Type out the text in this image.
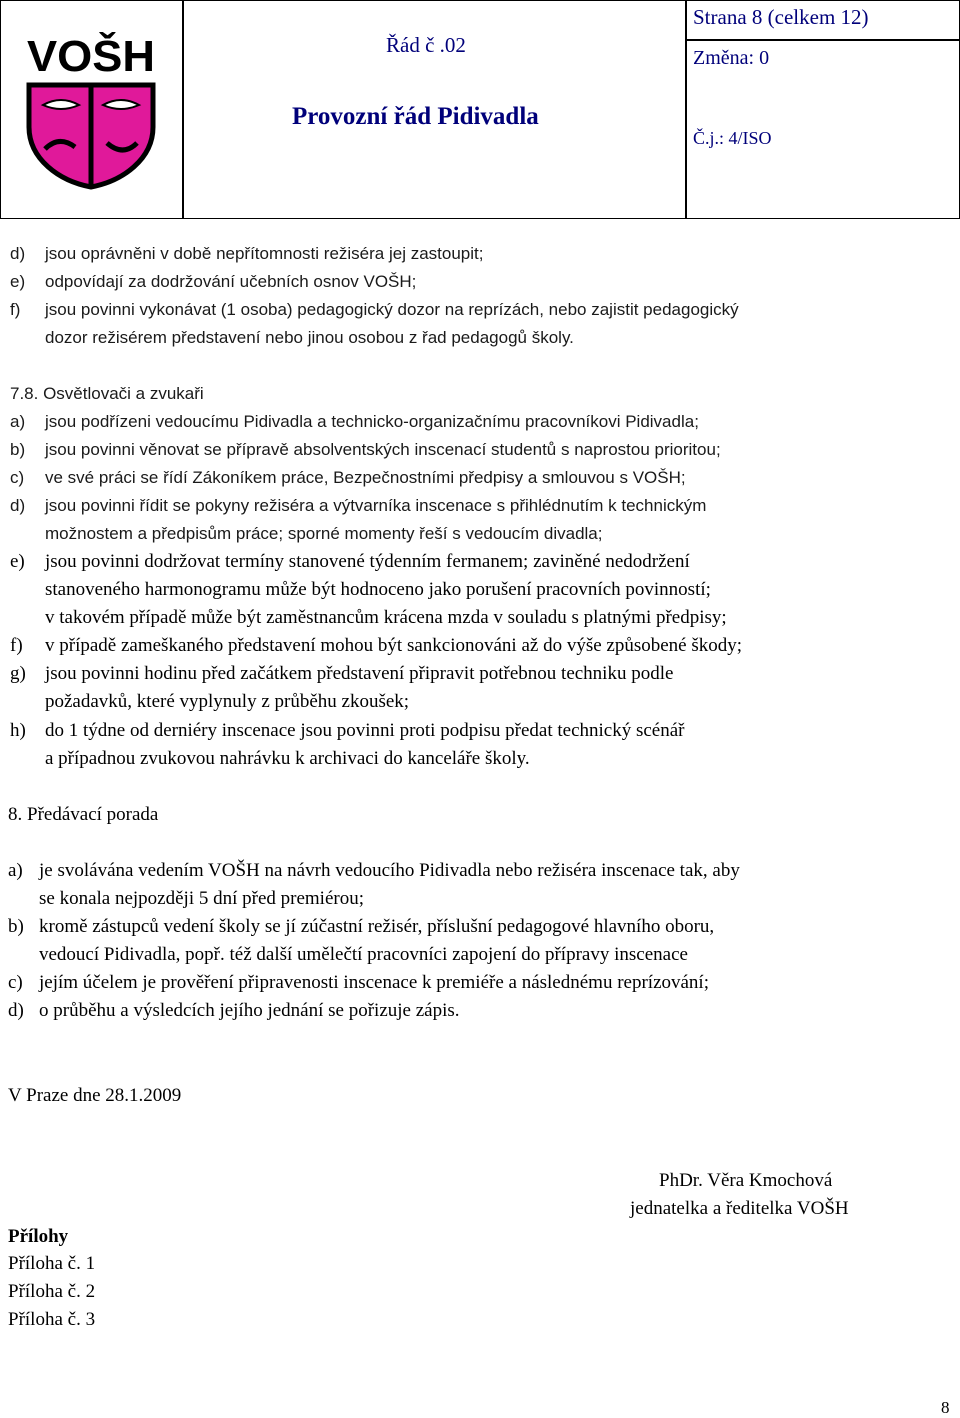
VOŠH	Řád č .02
Provozní řád Pidivadla
Strana 8 (celkem 12)
Změna: 0
Č.j.: 4/ISO
d) jsou oprávněni v době nepřítomnosti režiséra jej zastoupit;
e) odpovídají za dodržování učebních osnov VOŠH;
f) jsou povinni vykonávat (1 osoba) pedagogický dozor na reprízách, nebo zajistit pedagogický
dozor režisérem představení nebo jinou osobou z řad pedagogů školy.
7.8. Osvětlovači a zvukaři
a) jsou podřízeni vedoucímu Pidivadla a technicko-organizačnímu pracovníkovi Pidivadla;
b) jsou povinni věnovat se přípravě absolventských inscenací studentů s naprostou prioritou;
c) ve své práci se řídí Zákoníkem práce, Bezpečnostními předpisy a smlouvou s VOŠH;
d) jsou povinni řídit se pokyny režiséra a výtvarníka inscenace s přihlédnutím k technickým
možnostem a předpisům práce; sporné momenty řeší s vedoucím divadla;
e) jsou povinni dodržovat termíny stanovené týdenním fermanem; zaviněné nedodržení
stanoveného harmonogramu může být hodnoceno jako porušení pracovních povinností;
v takovém případě může být zaměstnancům krácena mzda v souladu s platnými předpisy;
f) v případě zameškaného představení mohou být sankcionováni až do výše způsobené škody;
g) jsou povinni hodinu před začátkem představení připravit potřebnou techniku podle
požadavků, které vyplynuly z průběhu zkoušek;
h) do 1 týdne od derniéry inscenace jsou povinni proti podpisu předat technický scénář
a případnou zvukovou nahrávku k archivaci do kanceláře školy.
8. Předávací porada
a) je svolávána vedením VOŠH na návrh vedoucího Pidivadla nebo režiséra inscenace tak, aby
se konala nejpozději 5 dní před premiérou;
b) kromě zástupců vedení školy se jí zúčastní režisér, příslušní pedagogové hlavního oboru,
vedoucí Pidivadla, popř. též další umělečtí pracovníci zapojení do přípravy inscenace
c) jejím účelem je prověření připravenosti inscenace k premiéře a následnému reprízování;
d) o průběhu a výsledcích jejího jednání se pořizuje zápis.
V Praze dne 28.1.2009
PhDr. Věra Kmochová
jednatelka a ředitelka VOŠH
Přílohy
Příloha č. 1
Příloha č. 2
Příloha č. 3
8
